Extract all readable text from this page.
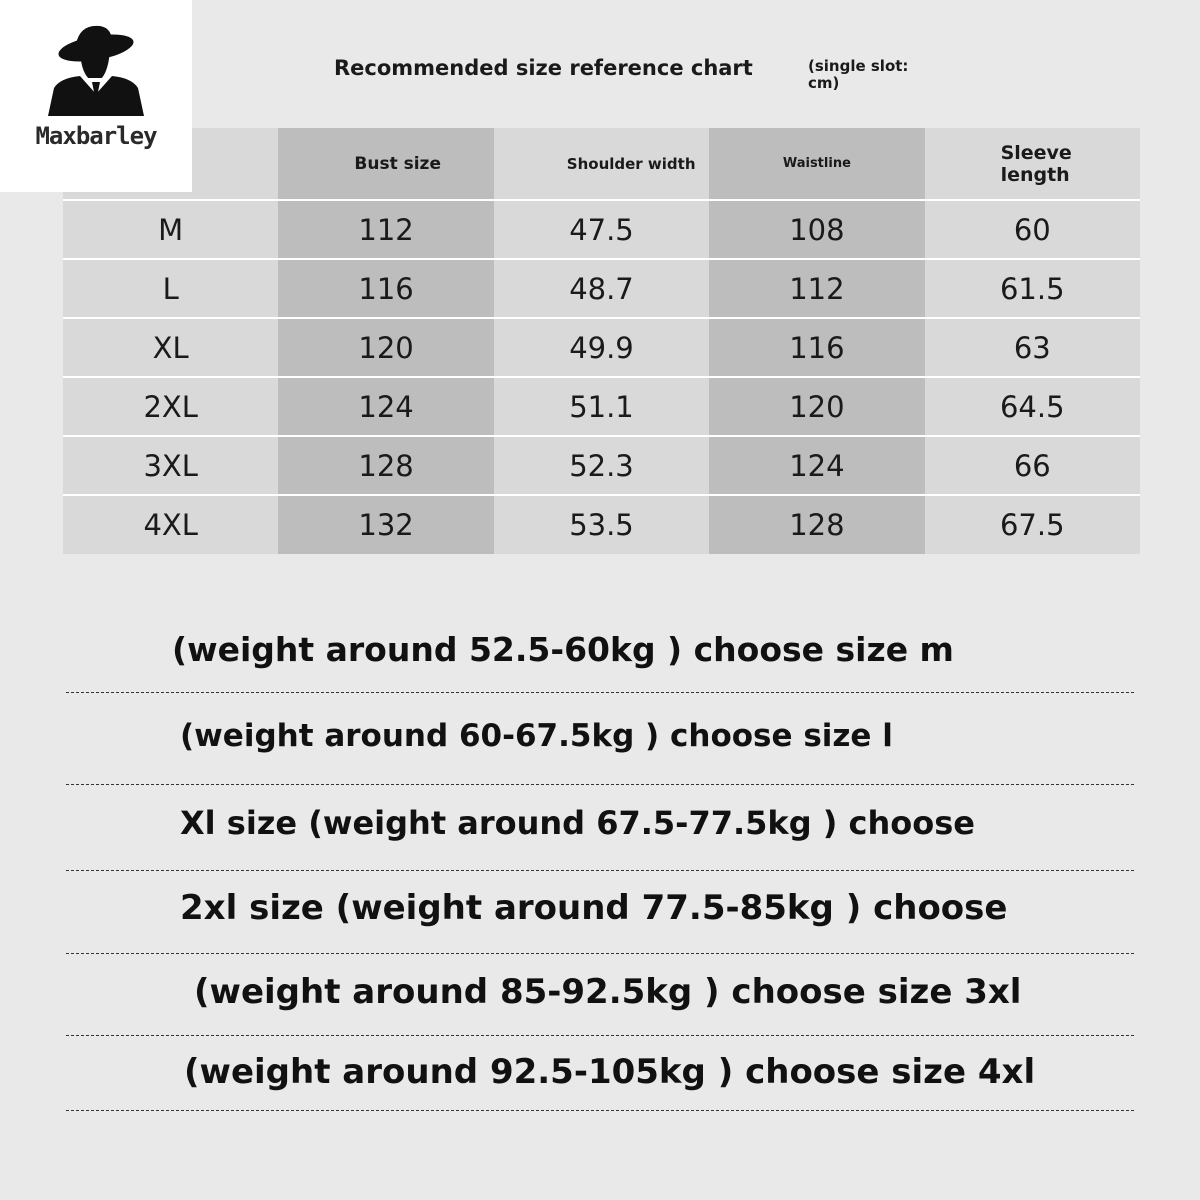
Recommended size reference chart	(single slot: cm)
	Bust size	Shoulder width	Waistline	Sleeve length
M	112	47.5	108	60
L	116	48.7	112	61.5
XL	120	49.9	116	63
2XL	124	51.1	120	64.5
3XL	128	52.3	124	66
4XL	132	53.5	128	67.5
(weight around 52.5-60kg ) choose size m
(weight around 60-67.5kg ) choose size l
Xl size (weight around 67.5-77.5kg ) choose
2xl size (weight around 77.5-85kg ) choose
(weight around 85-92.5kg ) choose size 3xl
(weight around 92.5-105kg ) choose size 4xl
Maxbarley
